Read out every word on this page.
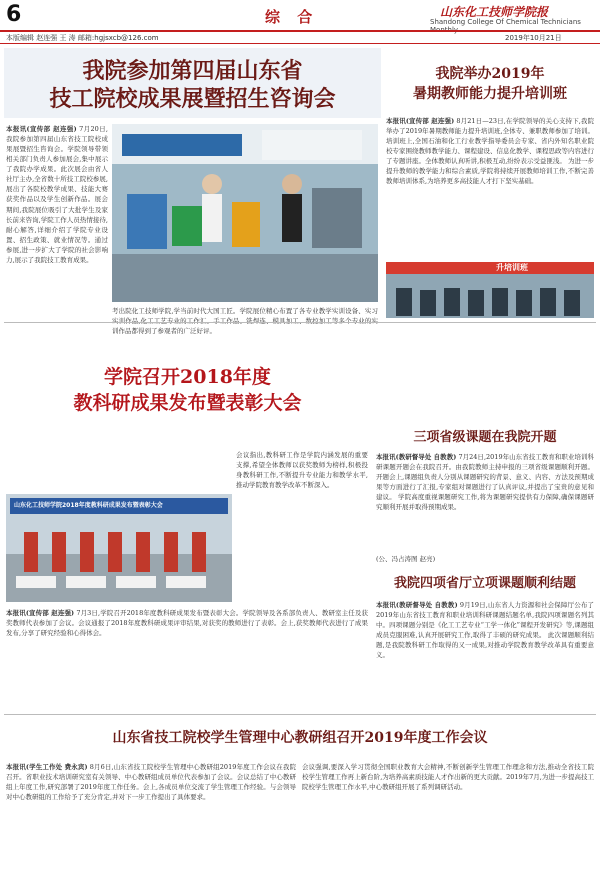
6	综 合	山东化工技师学院报
Shandong College Of Chemical Technicians
本版编辑 赵连强 王 涛 邮箱:hgjsxcb@126.com	2019年10月21日
我院参加第四届山东省
技工院校成果展暨招生咨询会
本报讯(宣传部 赵连强) 7月20日,我院参加第四届山东省技工院校成果展暨招生咨询会。学院领导带领相关部门负责人参加展会,集中展示了我院办学成果。此次展会由省人社厅主办,全省数十所技工院校参展,展出了各院校教学成果、技能大赛获奖作品以及学生创新作品。展会期间,我院展位吸引了大批学生及家长前来咨询,学院工作人员热情接待,耐心解答,详细介绍了学院专业设置、招生政策、就业情况等。通过参展,进一步扩大了学院的社会影响力,展示了我院技工教育成果。
考出院化工技师学院,学当前时代大国工匠。学院展位精心布置了各专业教学实训设备、实习 训作品都得到了参观者的广泛好评。
我院举办2019年
暑期教师能力提升培训班
本报讯(宣传部 赵连强) 8月21日—23日,在学院领导的关心支持下,我院举办了2019年暑期教师能力提升培训班,全体专、兼职教师参加了培训。培训班上,全国石油和化工行业教学指导委员会专家、省内外知名职业院校专家围绕教师教学能力、课程建设、信息化教学、课程思政等内容进行了专题讲座。全体教师认真听讲,积极互动,纷纷表示受益匪浅。 为进一步提升教师的教学能力和综合素质,学院将持续开展教师培训工作,不断完善教师培训体系,为培养更多高技能人才打下坚实基础。
升培训班
学院召开2018年度
教科研成果发布暨表彰大会
山东化工技师学院2018年度教科研成果发布暨表彰大会
会议指出,教科研工作是学院内涵发展的重要支撑,希望全体教师以获奖教师为榜样,积极投身教科研工作,不断提升专业能力和教学水平,推动学院教育教学改革不断深入。
本报讯(宣传部 赵连强) 7月3日,学院召开2018年度教科研成果发布暨表彰大会。学院领导及各系部负责人、教研室主任及获奖教师代表参加了会议。会议通报了2018年度教科研成果评审结果,对获奖的教师进行了表彰。会上,获奖教师代表进行了成果发布,分享了研究经验和心得体会。
三项省级课题在我院开题
本报讯(教研督导处 自教教) 7月24日,2019年山东省技工教育和职业培训科研课题开题会在我院召开。由我院教师主持申报的三项省级课题顺利开题。开题会上,课题组负责人分别从课题研究的背景、意义、内容、方法及预期成果等方面进行了汇报,专家组对课题进行了认真评议,并提出了宝贵的意见和建议。 学院高度重视课题研究工作,将为课题研究提供有力保障,确保课题研究顺利开展并取得预期成果。
(公、冯占涛图 赵亮)
我院四项省厅立项课题顺利结题
本报讯(教研督导处 自教教) 9月19日,山东省人力资源和社会保障厅公布了2019年山东省技工教育和职业培训科研课题结题名单,我院四项课题名列其中。四项课题分别是《化工工艺专业“工学一体化”课程开发研究》等,课题组成员克服困难,认真开展研究工作,取得了丰硕的研究成果。 此次课题顺利结题,是我院教科研工作取得的又一成果,对推动学院教育教学改革具有重要意义。
山东省技工院校学生管理中心教研组召开2019年度工作会议
本报讯(学生工作处 费永宾) 8月6日,山东省技工院校学生管理中心教研组2019年度工作会议在我院召开。省职业技术培训研究室有关领导、中心教研组成员单位代表参加了会议。会议总结了中心教研组上年度工作,研究部署了2019年度工作任务。会上,各成员单位交流了学生管理工作经验。与会领导对中心教研组的工作给予了充分肯定,并对下一步工作提出了具体要求。
会议强调,要深入学习贯彻全国职业教育大会精神,不断创新学生管理工作理念和方法,推动全省技工院校学生管理工作再上新台阶,为培养高素质技能人才作出新的更大贡献。2019年7月,为进一步提高技工院校学生管理工作水平,中心教研组开展了系列调研活动。
